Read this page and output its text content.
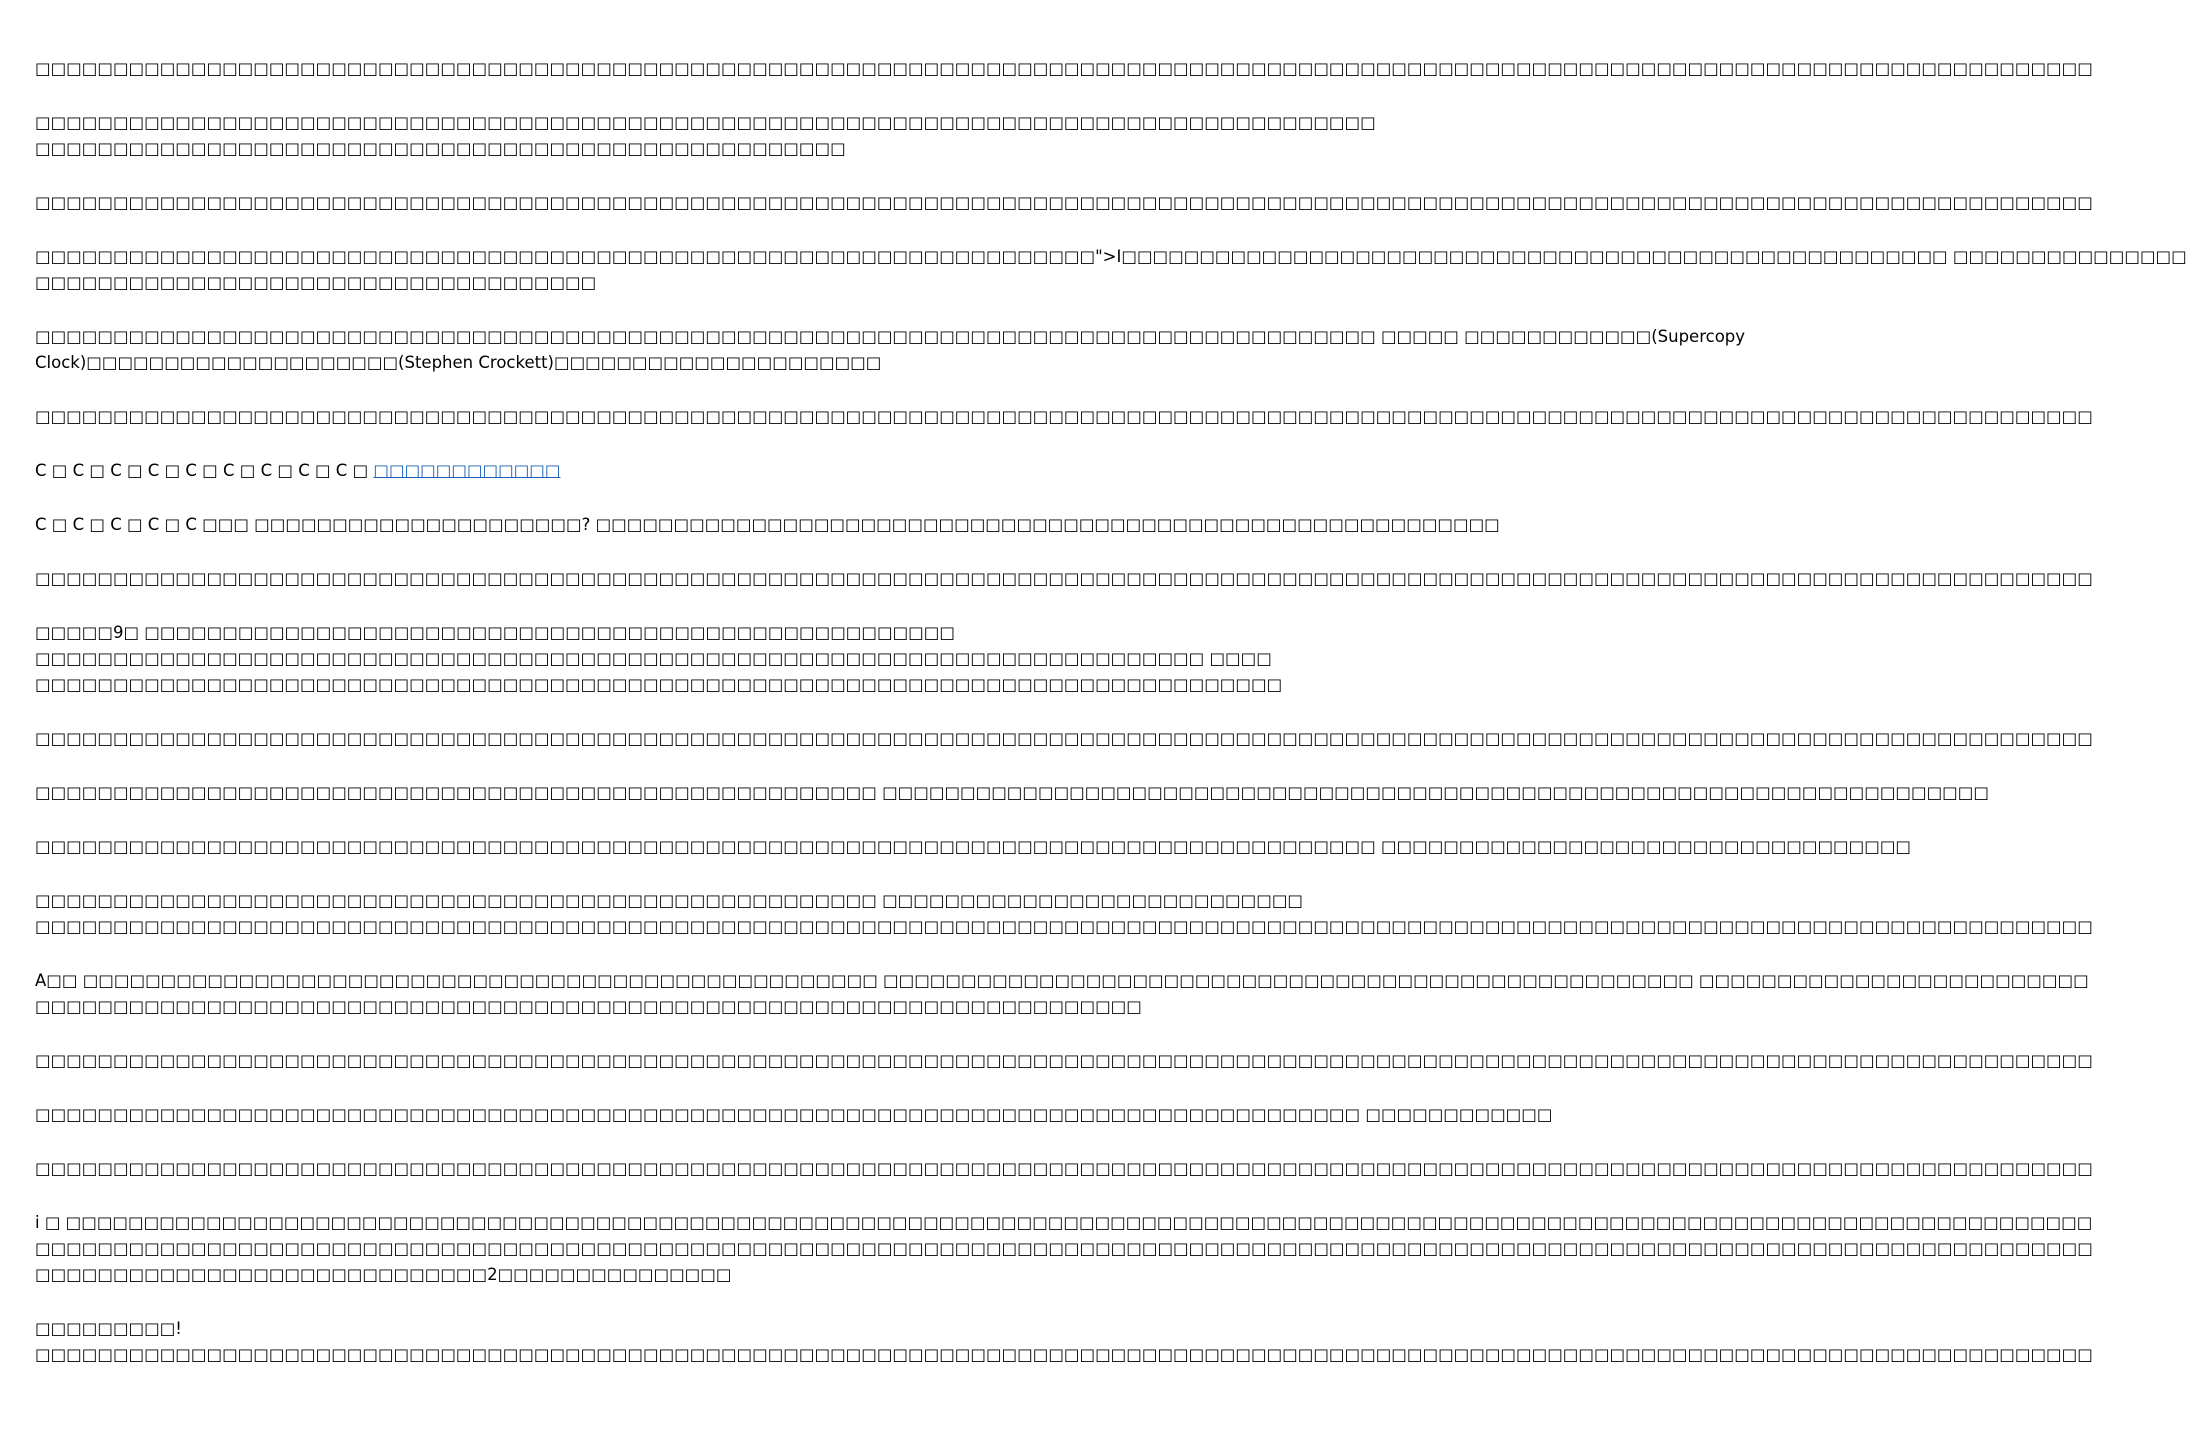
□□□□□□□□□□□□□□□□□□□□□□□□□□□□□□□□□□□□□□□□□□□□□□□□□□□□□□□□□□□□□□□□□□□□□□□□□□□□□□□□□□□□□□□□□□□□□□□□□□□□□□□□□□□□□□□□□□□□□□□□□□□□□□□□□□□□

□□□□□□□□□□□□□□□□□□□□□□□□□□□□□□□□□□□□□□□□□□□□□□□□□□□□□□□□□□□□□□□□□□□□□□□□□□□□□□□□□□□□□□
□□□□□□□□□□□□□□□□□□□□□□□□□□□□□□□□□□□□□□□□□□□□□□□□□□□□

□□□□□□□□□□□□□□□□□□□□□□□□□□□□□□□□□□□□□□□□□□□□□□□□□□□□□□□□□□□□□□□□□□□□□□□□□□□□□□□□□□□□□□□□□□□□□□□□□□□□□□□□□□□□□□□□□□□□□□□□□□□□□□□□□□□□

□□□□□□□□□□□□□□□□□□□□□□□□□□□□□□□□□□□□□□□□□□□□□□□□□□□□□□□□□□□□□□□□□□□□">I□□□□□□□□□□□□□□□□□□□□□□□□□□□□□□□□□□□□□□□□□□□□□□□□□□□□□ □□□□□□□□□□□□□□□
□□□□□□□□□□□□□□□□□□□□□□□□□□□□□□□□□□□□

□□□□□□□□□□□□□□□□□□□□□□□□□□□□□□□□□□□□□□□□□□□□□□□□□□□□□□□□□□□□□□□□□□□□□□□□□□□□□□□□□□□□□□ □□□□□ □□□□□□□□□□□□(Supercopy
Clock)□□□□□□□□□□□□□□□□□□□□(Stephen Crockett)□□□□□□□□□□□□□□□□□□□□□

□□□□□□□□□□□□□□□□□□□□□□□□□□□□□□□□□□□□□□□□□□□□□□□□□□□□□□□□□□□□□□□□□□□□□□□□□□□□□□□□□□□□□□□□□□□□□□□□□□□□□□□□□□□□□□□□□□□□□□□□□□□□□□□□□□□□

C □ C □ C □ C □ C □ C □ C □ C □ C □ □□□□□□□□□□□□

C □ C □ C □ C □ C □□□ □□□□□□□□□□□□□□□□□□□□□? □□□□□□□□□□□□□□□□□□□□□□□□□□□□□□□□□□□□□□□□□□□□□□□□□□□□□□□□□□

□□□□□□□□□□□□□□□□□□□□□□□□□□□□□□□□□□□□□□□□□□□□□□□□□□□□□□□□□□□□□□□□□□□□□□□□□□□□□□□□□□□□□□□□□□□□□□□□□□□□□□□□□□□□□□□□□□□□□□□□□□□□□□□□□□□□

□□□□□9□ □□□□□□□□□□□□□□□□□□□□□□□□□□□□□□□□□□□□□□□□□□□□□□□□□□□□
□□□□□□□□□□□□□□□□□□□□□□□□□□□□□□□□□□□□□□□□□□□□□□□□□□□□□□□□□□□□□□□□□□□□□□□□□□□ □□□□
□□□□□□□□□□□□□□□□□□□□□□□□□□□□□□□□□□□□□□□□□□□□□□□□□□□□□□□□□□□□□□□□□□□□□□□□□□□□□□□□

□□□□□□□□□□□□□□□□□□□□□□□□□□□□□□□□□□□□□□□□□□□□□□□□□□□□□□□□□□□□□□□□□□□□□□□□□□□□□□□□□□□□□□□□□□□□□□□□□□□□□□□□□□□□□□□□□□□□□□□□□□□□□□□□□□□□

□□□□□□□□□□□□□□□□□□□□□□□□□□□□□□□□□□□□□□□□□□□□□□□□□□□□□□ □□□□□□□□□□□□□□□□□□□□□□□□□□□□□□□□□□□□□□□□□□□□□□□□□□□□□□□□□□□□□□□□□□□□□□□

□□□□□□□□□□□□□□□□□□□□□□□□□□□□□□□□□□□□□□□□□□□□□□□□□□□□□□□□□□□□□□□□□□□□□□□□□□□□□□□□□□□□□□ □□□□□□□□□□□□□□□□□□□□□□□□□□□□□□□□□□

□□□□□□□□□□□□□□□□□□□□□□□□□□□□□□□□□□□□□□□□□□□□□□□□□□□□□□ □□□□□□□□□□□□□□□□□□□□□□□□□□□
□□□□□□□□□□□□□□□□□□□□□□□□□□□□□□□□□□□□□□□□□□□□□□□□□□□□□□□□□□□□□□□□□□□□□□□□□□□□□□□□□□□□□□□□□□□□□□□□□□□□□□□□□□□□□□□□□□□□□□□□□□□□□□□□□□□□

A□□ □□□□□□□□□□□□□□□□□□□□□□□□□□□□□□□□□□□□□□□□□□□□□□□□□□□ □□□□□□□□□□□□□□□□□□□□□□□□□□□□□□□□□□□□□□□□□□□□□□□□□□□□ □□□□□□□□□□□□□□□□□□□□□□□□□
□□□□□□□□□□□□□□□□□□□□□□□□□□□□□□□□□□□□□□□□□□□□□□□□□□□□□□□□□□□□□□□□□□□□□□□

□□□□□□□□□□□□□□□□□□□□□□□□□□□□□□□□□□□□□□□□□□□□□□□□□□□□□□□□□□□□□□□□□□□□□□□□□□□□□□□□□□□□□□□□□□□□□□□□□□□□□□□□□□□□□□□□□□□□□□□□□□□□□□□□□□□□

□□□□□□□□□□□□□□□□□□□□□□□□□□□□□□□□□□□□□□□□□□□□□□□□□□□□□□□□□□□□□□□□□□□□□□□□□□□□□□□□□□□□□ □□□□□□□□□□□□

□□□□□□□□□□□□□□□□□□□□□□□□□□□□□□□□□□□□□□□□□□□□□□□□□□□□□□□□□□□□□□□□□□□□□□□□□□□□□□□□□□□□□□□□□□□□□□□□□□□□□□□□□□□□□□□□□□□□□□□□□□□□□□□□□□□□

i □ □□□□□□□□□□□□□□□□□□□□□□□□□□□□□□□□□□□□□□□□□□□□□□□□□□□□□□□□□□□□□□□□□□□□□□□□□□□□□□□□□□□□□□□□□□□□□□□□□□□□□□□□□□□□□□□□□□□□□□□□□□□□□□□□□□
□□□□□□□□□□□□□□□□□□□□□□□□□□□□□□□□□□□□□□□□□□□□□□□□□□□□□□□□□□□□□□□□□□□□□□□□□□□□□□□□□□□□□□□□□□□□□□□□□□□□□□□□□□□□□□□□□□□□□□□□□□□□□□□□□□□□
□□□□□□□□□□□□□□□□□□□□□□□□□□□□□2□□□□□□□□□□□□□□□

□□□□□□□□□!
□□□□□□□□□□□□□□□□□□□□□□□□□□□□□□□□□□□□□□□□□□□□□□□□□□□□□□□□□□□□□□□□□□□□□□□□□□□□□□□□□□□□□□□□□□□□□□□□□□□□□□□□□□□□□□□□□□□□□□□□□□□□□□□□□□□□
